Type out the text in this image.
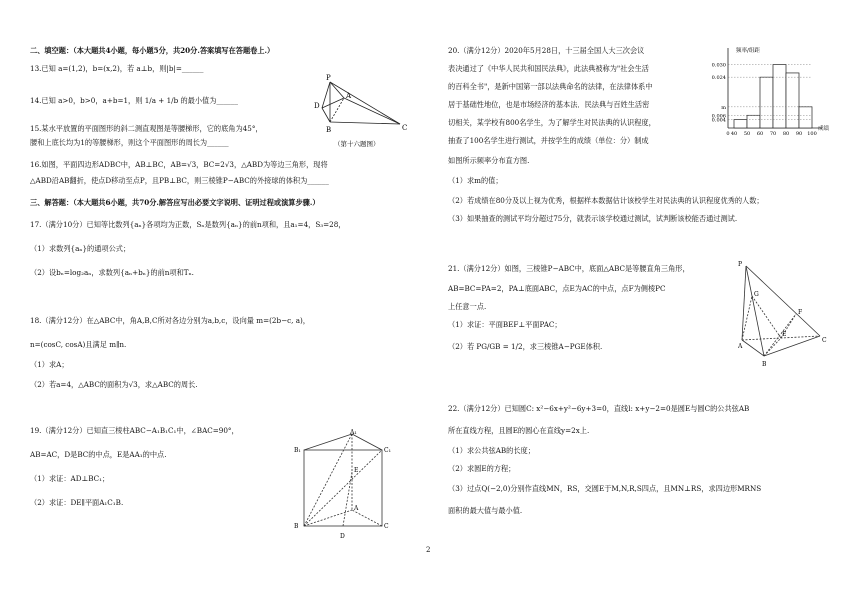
二、填空题：（本大题共4小题，每小题5分，共20分.答案填写在答题卷上.）
13.已知 a=(1,2)，b=(x,2)，若 a⊥b，则|b|=______
14.已知 a>0，b>0，a+b=1，则 1/a + 1/b 的最小值为______
15.某水平放置的平面图形的斜二测直观图是等腰梯形，它的底角为45°，
腰和上底长均为1的等腰梯形，则这个平面图形的周长为______
P
D
A
B	C
（第十六题图）
16.如图，平面四边形ADBC中，AB⊥BC，AB=√3，BC=2√3，△ABD为等边三角形，现将
△ABD沿AB翻折，使点D移动至点P，且PB⊥BC，则三棱锥P−ABC的外接球的体积为______
三、解答题：（本大题共6小题，共70分.解答应写出必要文字说明、证明过程或演算步骤.）
17.（满分10分）已知等比数列{aₙ}各项均为正数，Sₙ是数列{aₙ}的前n项和，且a₁=4，S₃=28，
（1）求数列{aₙ}的通项公式；
（2）设bₙ=log₂aₙ，求数列{aₙ+bₙ}的前n项和Tₙ.
18.（满分12分）在△ABC中，角A,B,C所对各边分别为a,b,c，设向量 m=(2b−c, a)，
n=(cosC, cosA)且满足 m∥n.
（1）求A；
（2）若a=4，△ABC的面积为√3，求△ABC的周长.
19.（满分12分）已知直三棱柱ABC−A₁B₁C₁中，∠BAC=90°，
AB=AC，D是BC的中点，E是AA₁的中点.
（1）求证：AD⊥BC₁；
（2）求证：DE∥平面A₁C₁B.
A₁
B₁	C₁
E
A
B	C
D
20.（满分12分）2020年5月28日，十三届全国人大三次会议
表决通过了《中华人民共和国民法典》，此法典被称为"社会生活
的百科全书"，是新中国第一部以法典命名的法律，在法律体系中
居于基础性地位，也是市场经济的基本法．民法典与百姓生活密
切相关，某学校有800名学生，为了解学生对民法典的认识程度，
抽查了100名学生进行测试，并按学生的成绩（单位：分）制成
如图所示频率分布直方图.
（1）求m的值；
（2）若成绩在80分及以上视为优秀，根据样本数据估计该校学生对民法典的认识程度优秀的人数；
（3）如果抽查的测试平均分超过75分，就表示该学校通过测试，试判断该校能否通过测试.
0.004
0.006
m
0.024
0.030
0 40 50 60 70 80 90 100
频率/组距
成绩
21.（满分12分）如图，三棱锥P−ABC中，底面△ABC是等腰直角三角形，
AB=BC=PA=2，PA⊥底面ABC，点E为AC的中点，点F为侧棱PC
上任意一点.
（1）求证：平面BEF⊥平面PAC；
（2）若 PG/GB = 1/2，求三棱锥A−PGE体积.
P
F
G
A
E
C
B
22.（满分12分）已知圆C: x²−6x+y²−6y+3=0，直线l: x+y−2=0是圆E与圆C的公共弦AB
所在直线方程，且圆E的圆心在直线y=2x上.
（1）求公共弦AB的长度；
（2）求圆E的方程；
（3）过点Q(−2,0)分别作直线MN，RS，交圆E于M,N,R,S四点，且MN⊥RS，求四边形MRNS
面积的最大值与最小值.
2
